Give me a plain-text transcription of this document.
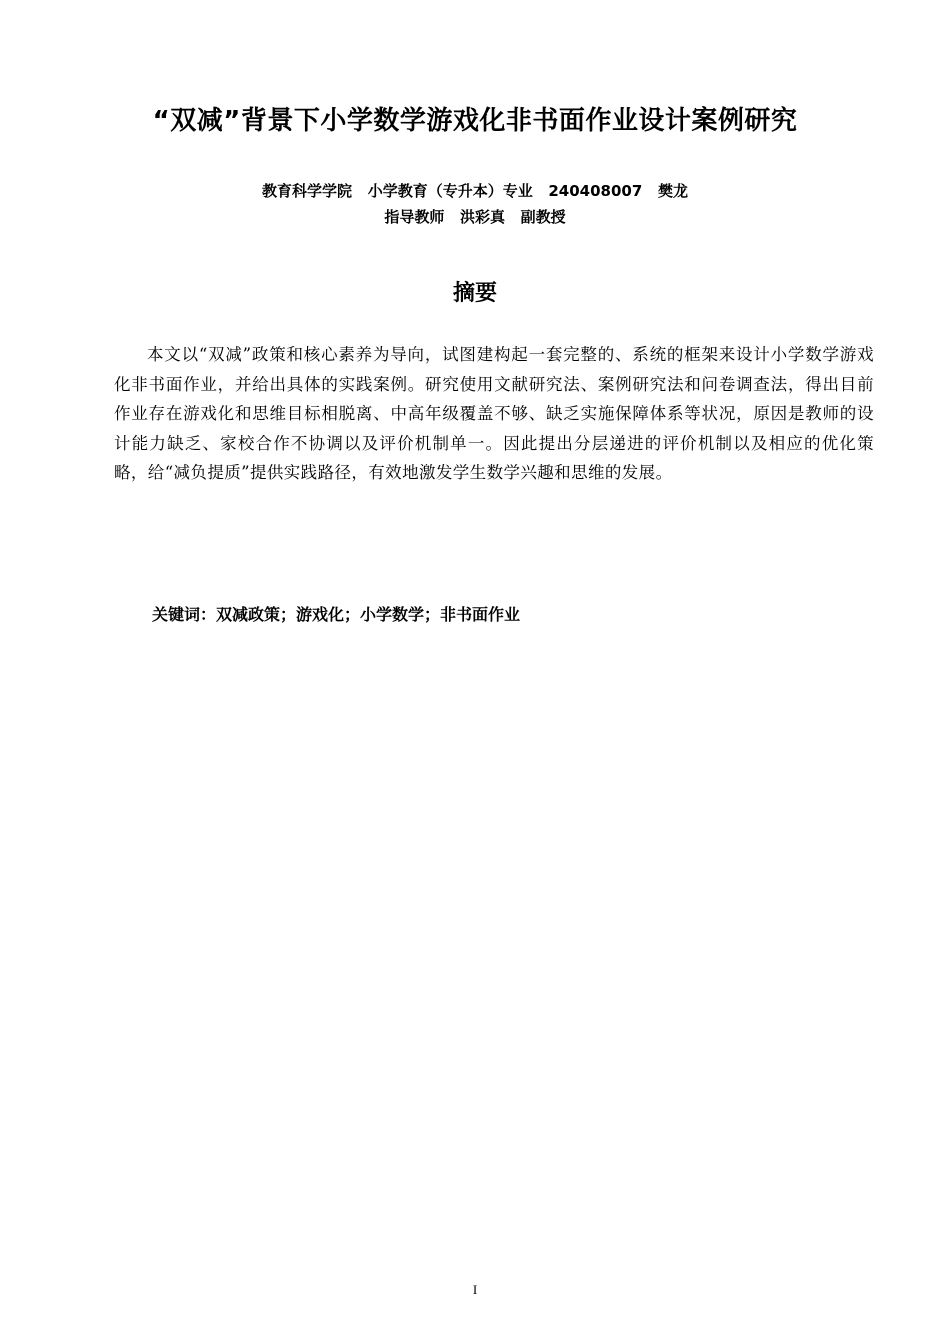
“双减”背景下小学数学游戏化非书面作业设计案例研究

教育科学学院   小学教育（专升本）专业   240408007   樊龙

指导教师   洪彩真   副教授

摘要

本文以“双减”政策和核心素养为导向，试图建构起一套完整的、系统的框架来设计小学数学游戏化非书面作业，并给出具体的实践案例。研究使用文献研究法、案例研究法和问卷调查法，得出目前作业存在游戏化和思维目标相脱离、中高年级覆盖不够、缺乏实施保障体系等状况，原因是教师的设计能力缺乏、家校合作不协调以及评价机制单一。因此提出分层递进的评价机制以及相应的优化策略，给“减负提质”提供实践路径，有效地激发学生数学兴趣和思维的发展。

关键词：双减政策；游戏化；小学数学；非书面作业

I
